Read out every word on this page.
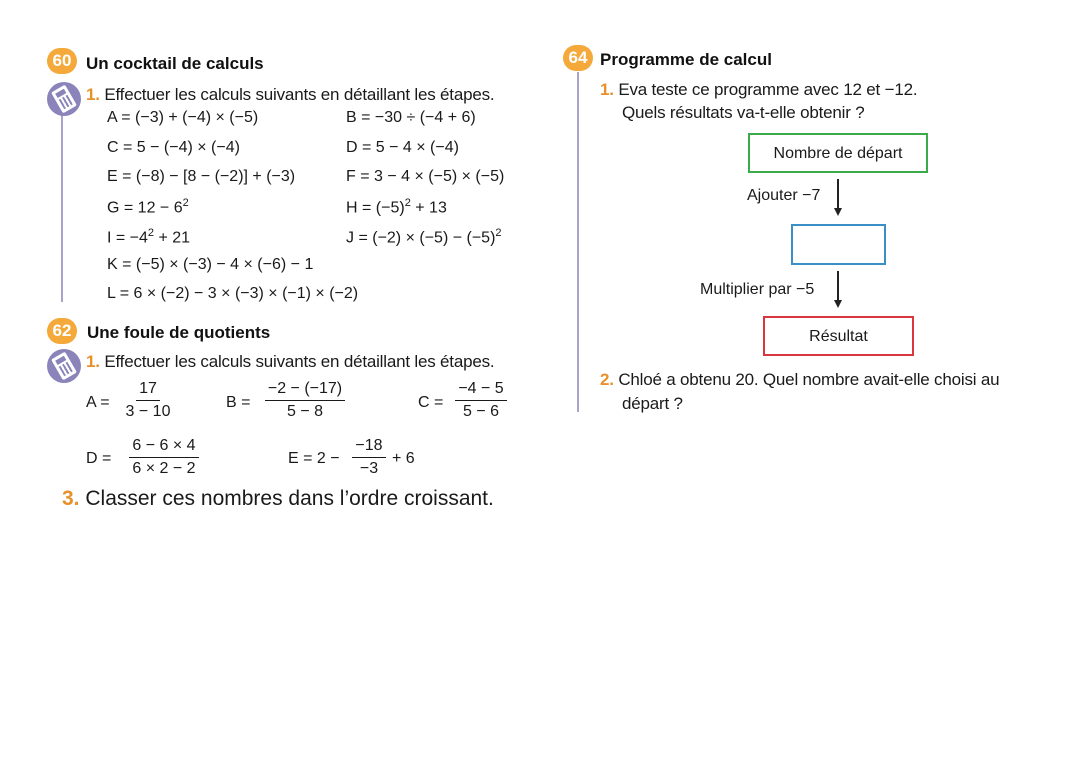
60 Un cocktail de calculs
1. Effectuer les calculs suivants en détaillant les étapes.
A = (−3) + (−4) × (−5)	B = −30 ÷ (−4 + 6)
C = 5 − (−4) × (−4)	D = 5 − 4 × (−4)
E = (−8) − [8 − (−2)] + (−3)	F = 3 − 4 × (−5) × (−5)
$G = 12 - 6^2$	$H = (-5)^2 + 13$
$I = -4^2 + 21$	$J = (-2) \times (-5) - (-5)^2$
K = (−5) × (−3) − 4 × (−6) − 1
L = 6 × (−2) − 3 × (−3) × (−1) × (−2)
62 Une foule de quotients
1. Effectuer les calculs suivants en détaillant les étapes.
$A = \frac{17}{3 - 10}$	$B = \frac{-2 - (-17)}{5 - 8}$	$C = \frac{-4 - 5}{5 - 6}$
$D = \frac{6 - 6 \times 4}{6 \times 2 - 2}$	$E = 2 - \frac{-18}{-3} + 6$
3. Classer ces nombres dans l’ordre croissant.
64 Programme de calcul
1. Eva teste ce programme avec 12 et −12.
Quels résultats va-t-elle obtenir ?
Nombre de départ
Ajouter −7
Multiplier par −5
Résultat
2. Chloé a obtenu 20. Quel nombre avait-elle choisi au
départ ?
